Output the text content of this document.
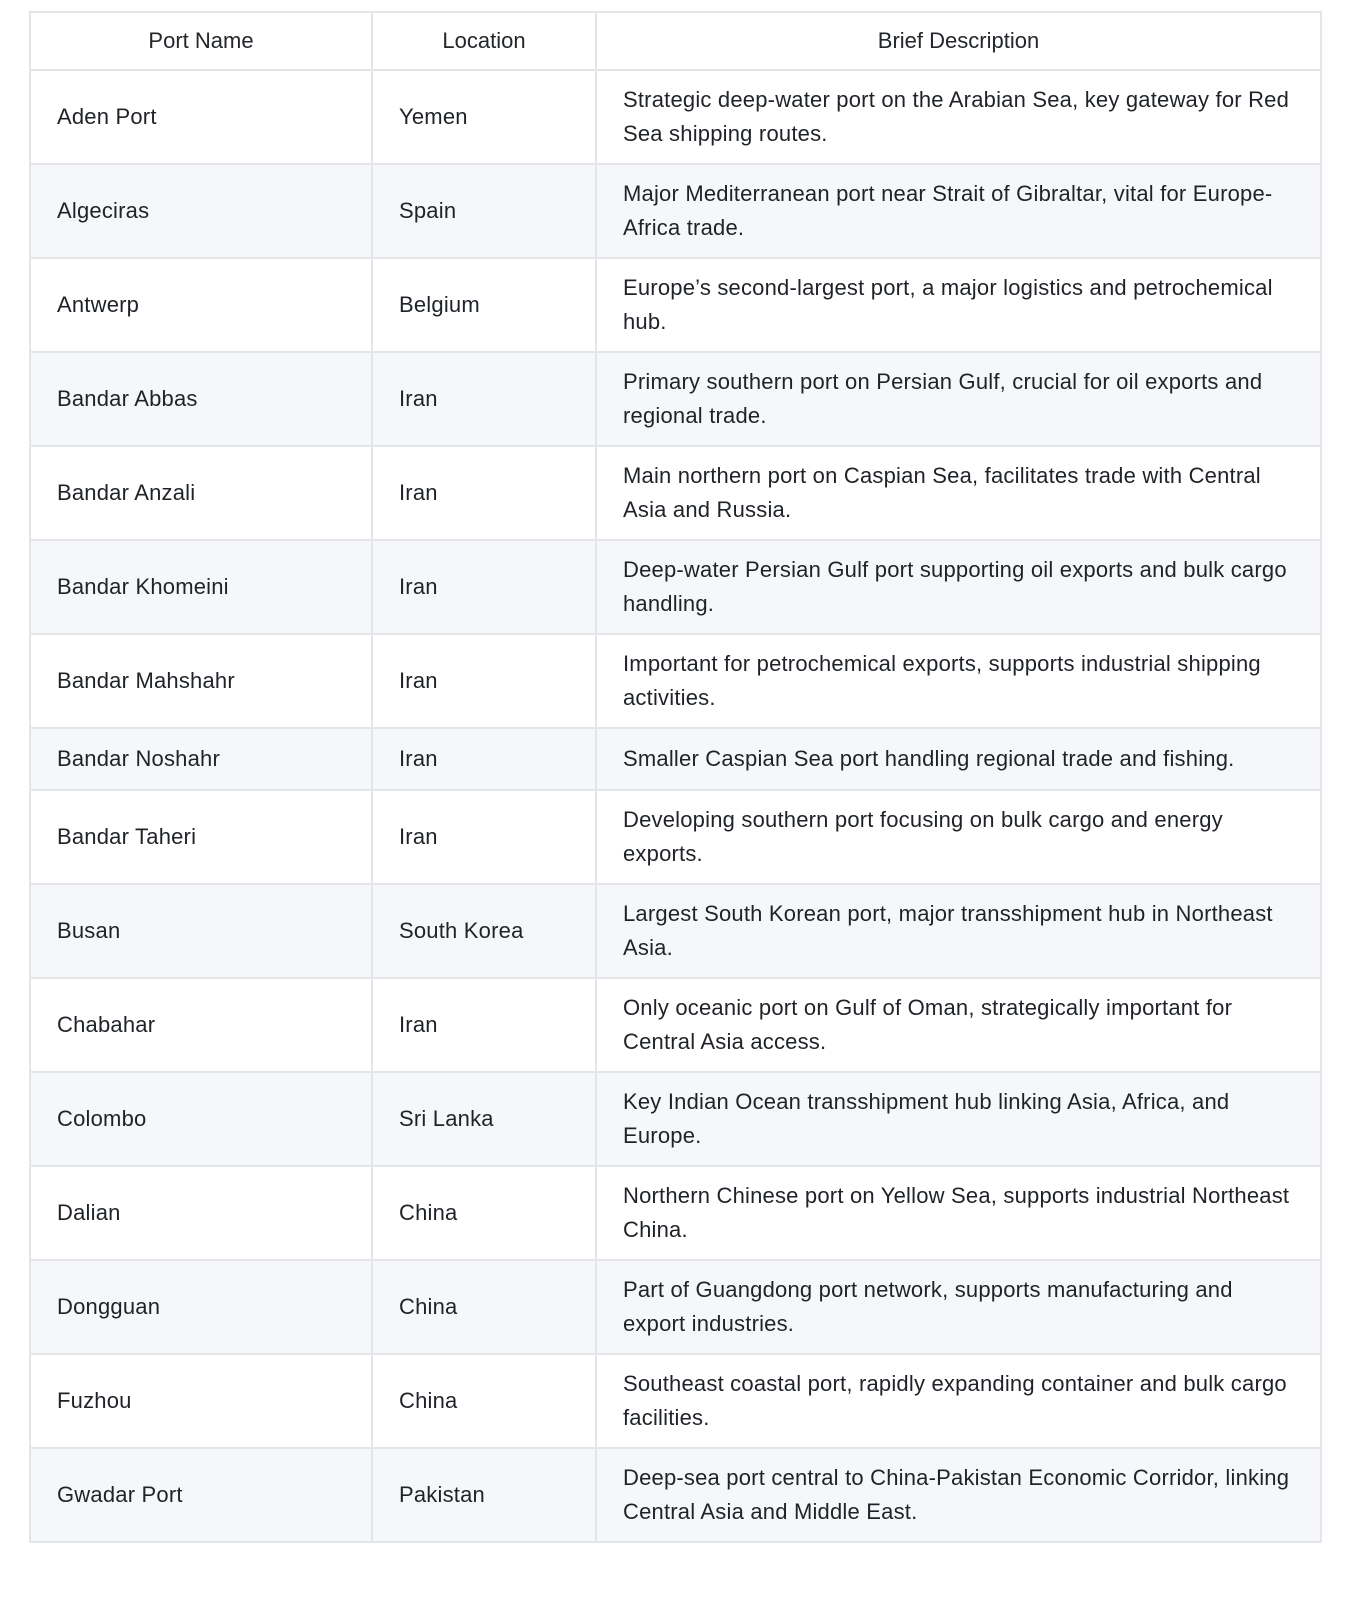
Port Name	Location	Brief Description
Aden Port	Yemen	Strategic deep-water port on the Arabian Sea, key gateway for Red Sea shipping routes.
Algeciras	Spain	Major Mediterranean port near Strait of Gibraltar, vital for Europe-Africa trade.
Antwerp	Belgium	Europe’s second-largest port, a major logistics and petrochemical hub.
Bandar Abbas	Iran	Primary southern port on Persian Gulf, crucial for oil exports and regional trade.
Bandar Anzali	Iran	Main northern port on Caspian Sea, facilitates trade with Central Asia and Russia.
Bandar Khomeini	Iran	Deep-water Persian Gulf port supporting oil exports and bulk cargo handling.
Bandar Mahshahr	Iran	Important for petrochemical exports, supports industrial shipping activities.
Bandar Noshahr	Iran	Smaller Caspian Sea port handling regional trade and fishing.
Bandar Taheri	Iran	Developing southern port focusing on bulk cargo and energy exports.
Busan	South Korea	Largest South Korean port, major transshipment hub in Northeast Asia.
Chabahar	Iran	Only oceanic port on Gulf of Oman, strategically important for Central Asia access.
Colombo	Sri Lanka	Key Indian Ocean transshipment hub linking Asia, Africa, and Europe.
Dalian	China	Northern Chinese port on Yellow Sea, supports industrial Northeast China.
Dongguan	China	Part of Guangdong port network, supports manufacturing and export industries.
Fuzhou	China	Southeast coastal port, rapidly expanding container and bulk cargo facilities.
Gwadar Port	Pakistan	Deep-sea port central to China-Pakistan Economic Corridor, linking Central Asia and Middle East.
